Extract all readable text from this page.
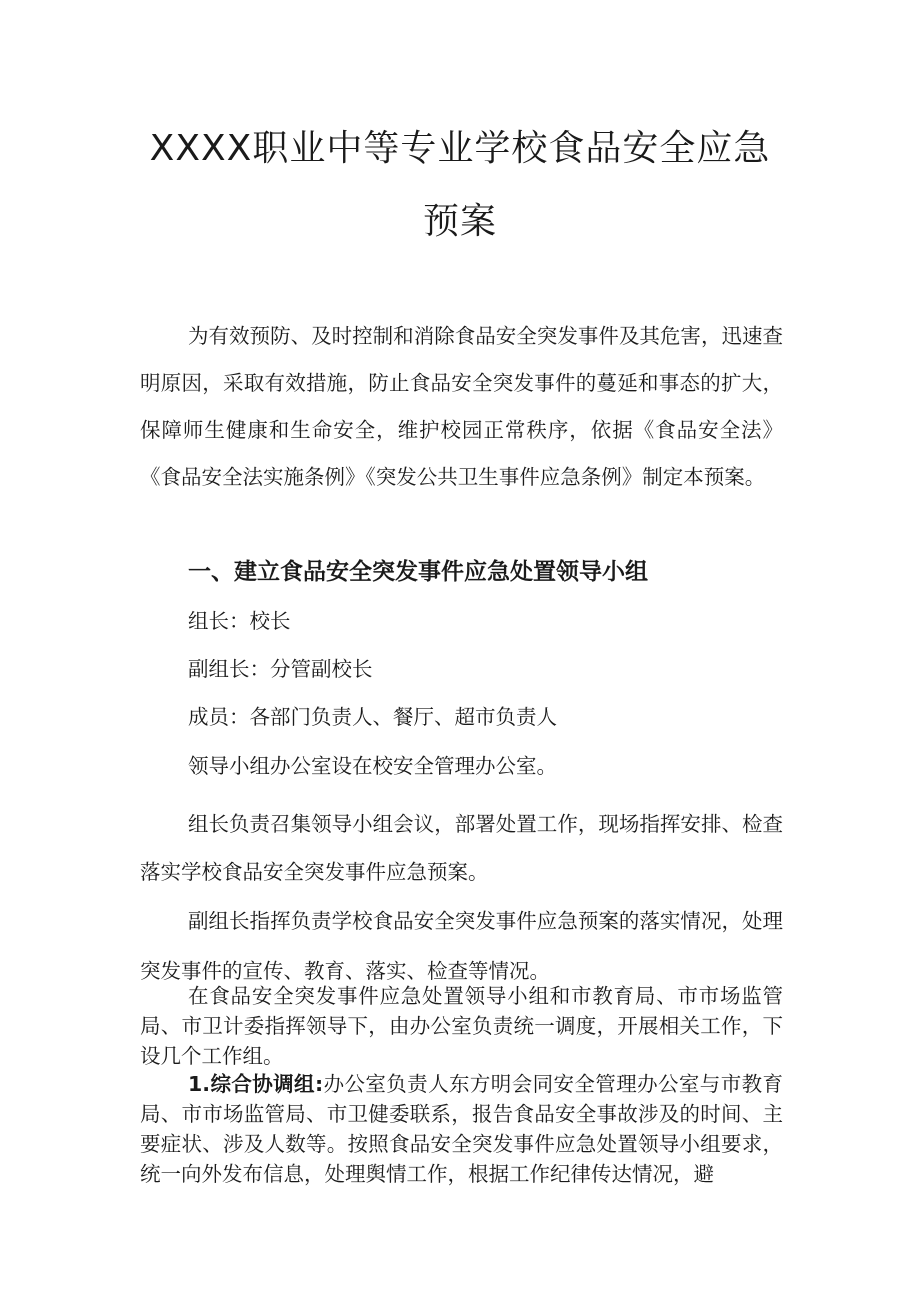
XXXX职业中等专业学校食品安全应急
预案

为有效预防、及时控制和消除食品安全突发事件及其危害，迅速查明原因，采取有效措施，防止食品安全突发事件的蔓延和事态的扩大，保障师生健康和生命安全，维护校园正常秩序，依据《食品安全法》《食品安全法实施条例》《突发公共卫生事件应急条例》制定本预案。

一、建立食品安全突发事件应急处置领导小组

组长：校长

副组长：分管副校长

成员：各部门负责人、餐厅、超市负责人

领导小组办公室设在校安全管理办公室。

组长负责召集领导小组会议，部署处置工作，现场指挥安排、检查落实学校食品安全突发事件应急预案。

副组长指挥负责学校食品安全突发事件应急预案的落实情况，处理突发事件的宣传、教育、落实、检查等情况。

在食品安全突发事件应急处置领导小组和市教育局、市市场监管局、市卫计委指挥领导下，由办公室负责统一调度，开展相关工作，下设几个工作组。

1.综合协调组:办公室负责人东方明会同安全管理办公室与市教育局、市市场监管局、市卫健委联系，报告食品安全事故涉及的时间、主要症状、涉及人数等。按照食品安全突发事件应急处置领导小组要求，统一向外发布信息，处理舆情工作，根据工作纪律传达情况，避
